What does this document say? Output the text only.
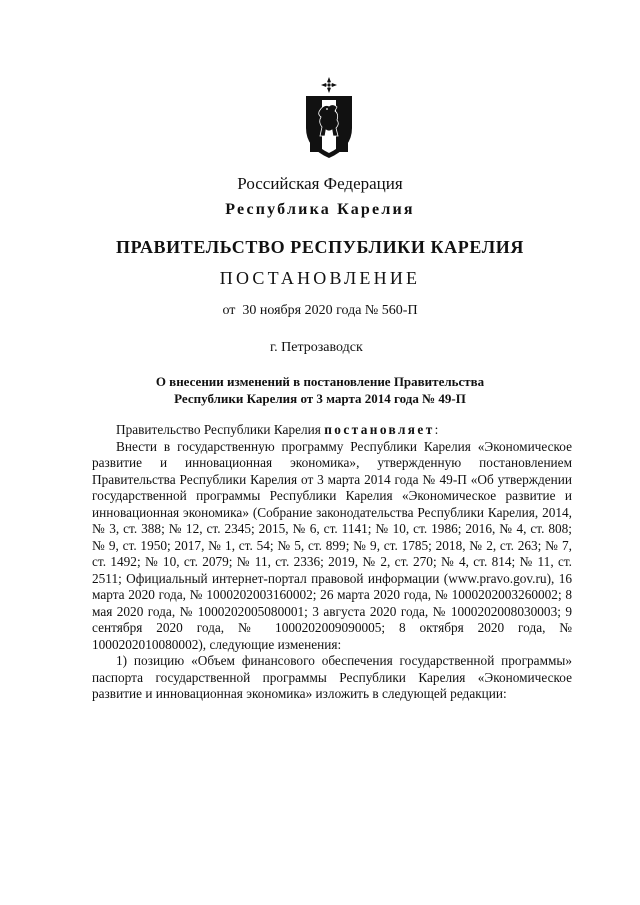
Российская Федерация
Республика Карелия
ПРАВИТЕЛЬСТВО РЕСПУБЛИКИ КАРЕЛИЯ
ПОСТАНОВЛЕНИЕ
от  30 ноября 2020 года № 560-П
г. Петрозаводск
О внесении изменений в постановление Правительства
Республики Карелия от 3 марта 2014 года № 49-П

Правительство Республики Карелия постановляет:

Внести в государственную программу Республики Карелия «Экономическое развитие и инновационная экономика», утвержденную постановлением Правительства Республики Карелия от 3 марта 2014 года № 49-П «Об утверждении государственной программы Республики Карелия «Экономическое развитие и инновационная экономика» (Собрание законодательства Республики Карелия, 2014, № 3, ст. 388; № 12, ст. 2345; 2015, № 6, ст. 1141; № 10, ст. 1986; 2016, № 4, ст. 808; № 9, ст. 1950; 2017, № 1, ст. 54; № 5, ст. 899; № 9, ст. 1785; 2018, № 2, ст. 263; № 7, ст. 1492; № 10, ст. 2079; № 11, ст. 2336; 2019, № 2, ст. 270; № 4, ст. 814; № 11, ст. 2511; Официальный интернет-портал правовой информации (www.pravo.gov.ru), 16 марта 2020 года, № 1000202003160002; 26 марта 2020 года, № 1000202003260002; 8 мая 2020 года, № 1000202005080001; 3 августа 2020 года, № 1000202008030003; 9 сентября 2020 года, № 1000202009090005; 8 октября 2020 года, № 1000202010080002), следующие изменения:

1) позицию «Объем финансового обеспечения государственной программы» паспорта государственной программы Республики Карелия «Экономическое развитие и инновационная экономика» изложить в следующей редакции:
